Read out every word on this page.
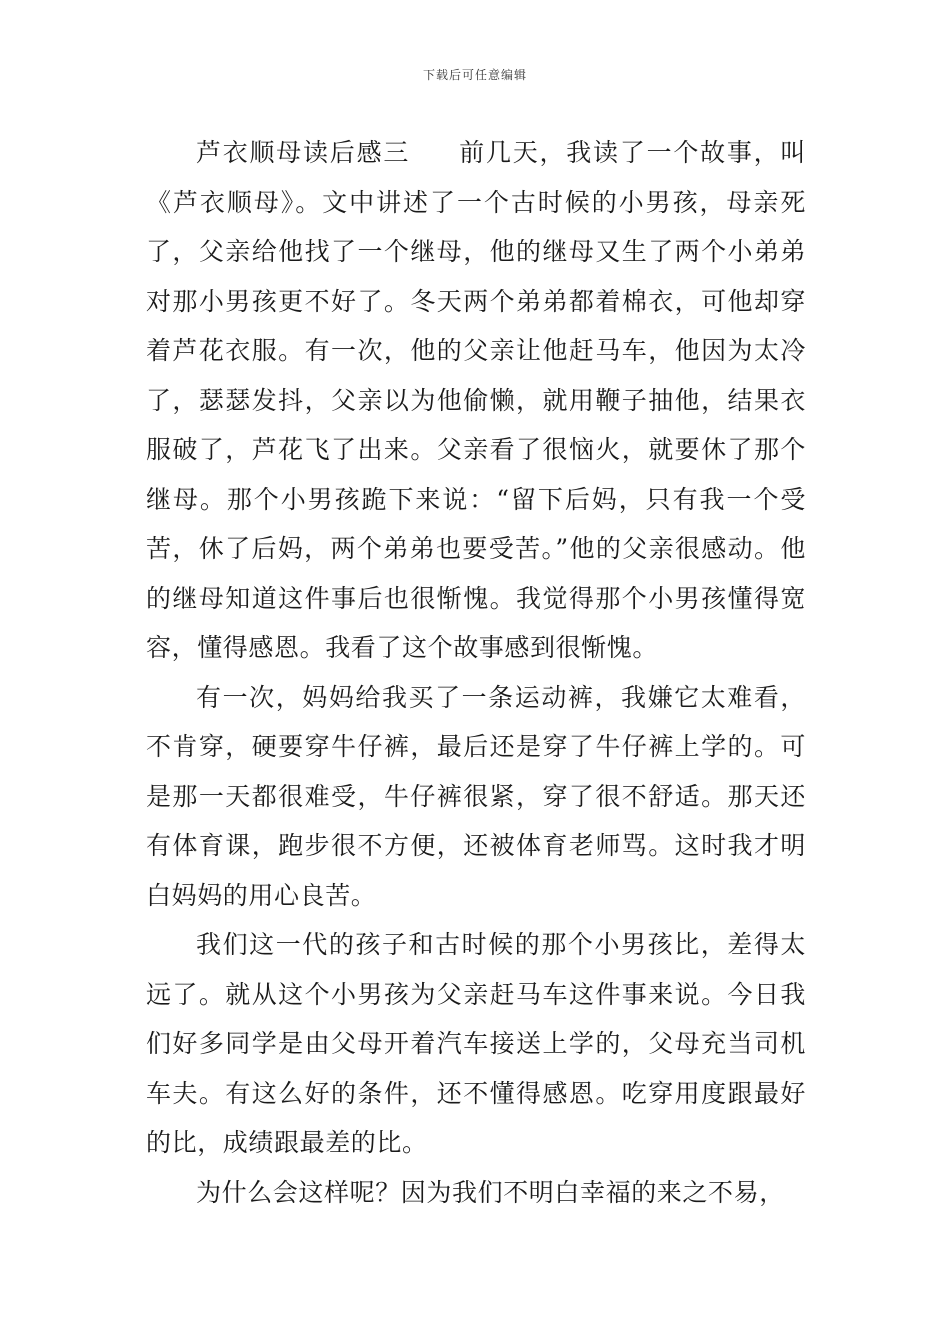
下载后可任意编辑

芦衣顺母读后感三 前几天，我读了一个故事，叫《芦衣顺母》。文中讲述了一个古时候的小男孩，母亲死了，父亲给他找了一个继母，他的继母又生了两个小弟弟对那小男孩更不好了。冬天两个弟弟都着棉衣，可他却穿着芦花衣服。有一次，他的父亲让他赶马车，他因为太冷了，瑟瑟发抖，父亲以为他偷懒，就用鞭子抽他，结果衣服破了，芦花飞了出来。父亲看了很恼火，就要休了那个继母。那个小男孩跪下来说：“留下后妈，只有我一个受苦，休了后妈，两个弟弟也要受苦。”他的父亲很感动。他的继母知道这件事后也很惭愧。我觉得那个小男孩懂得宽容，懂得感恩。我看了这个故事感到很惭愧。

有一次，妈妈给我买了一条运动裤，我嫌它太难看，不肯穿，硬要穿牛仔裤，最后还是穿了牛仔裤上学的。可是那一天都很难受，牛仔裤很紧，穿了很不舒适。那天还有体育课，跑步很不方便，还被体育老师骂。这时我才明白妈妈的用心良苦。

我们这一代的孩子和古时候的那个小男孩比，差得太远了。就从这个小男孩为父亲赶马车这件事来说。今日我们好多同学是由父母开着汽车接送上学的，父母充当司机车夫。有这么好的条件，还不懂得感恩。吃穿用度跟最好的比，成绩跟最差的比。

为什么会这样呢？因为我们不明白幸福的来之不易，
